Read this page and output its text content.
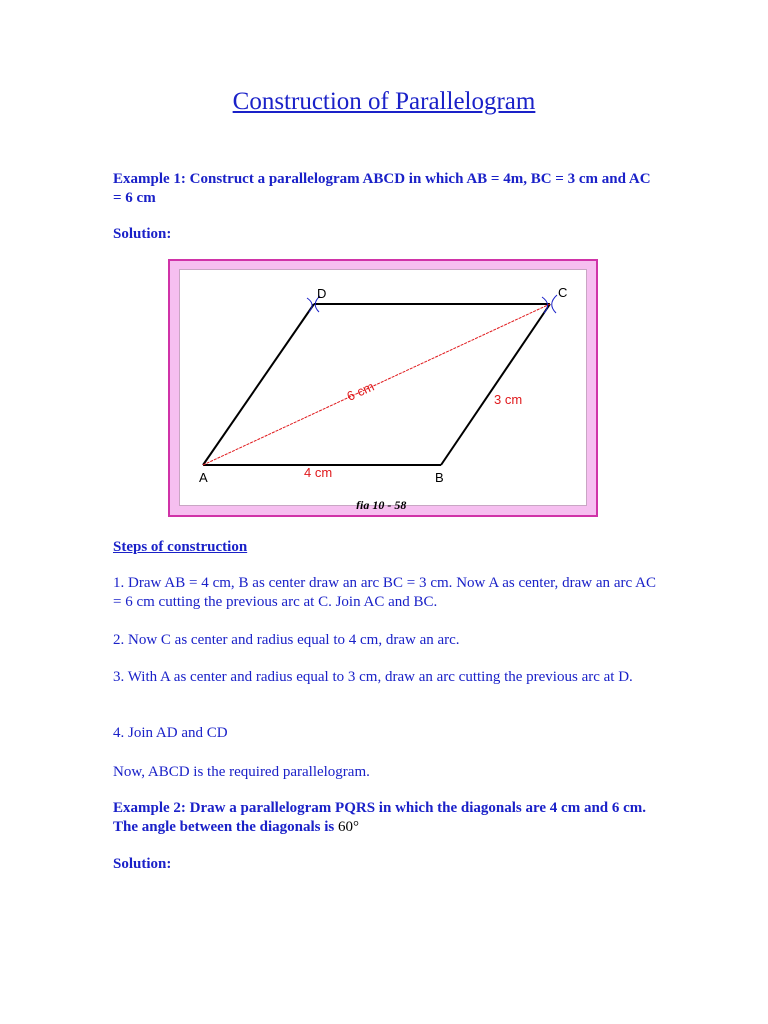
Construction of Parallelogram
Example 1: Construct a parallelogram ABCD in which AB = 4m, BC = 3 cm and AC = 6 cm
Solution:
A	B
C
D
4 cm
3 cm
6 cm
fig 10 - 58
Steps of construction
1. Draw AB = 4 cm, B as center draw an arc BC = 3 cm. Now A as center, draw an arc AC = 6 cm cutting the previous arc at C. Join AC and BC.
2. Now C as center and radius equal to 4 cm, draw an arc.
3. With A as center and radius equal to 3 cm, draw an arc cutting the previous arc at D.
4. Join AD and CD
Now, ABCD is the required parallelogram.
Example 2: Draw a parallelogram PQRS in which the diagonals are 4 cm and 6 cm. The angle between the diagonals is 60°
Solution:
